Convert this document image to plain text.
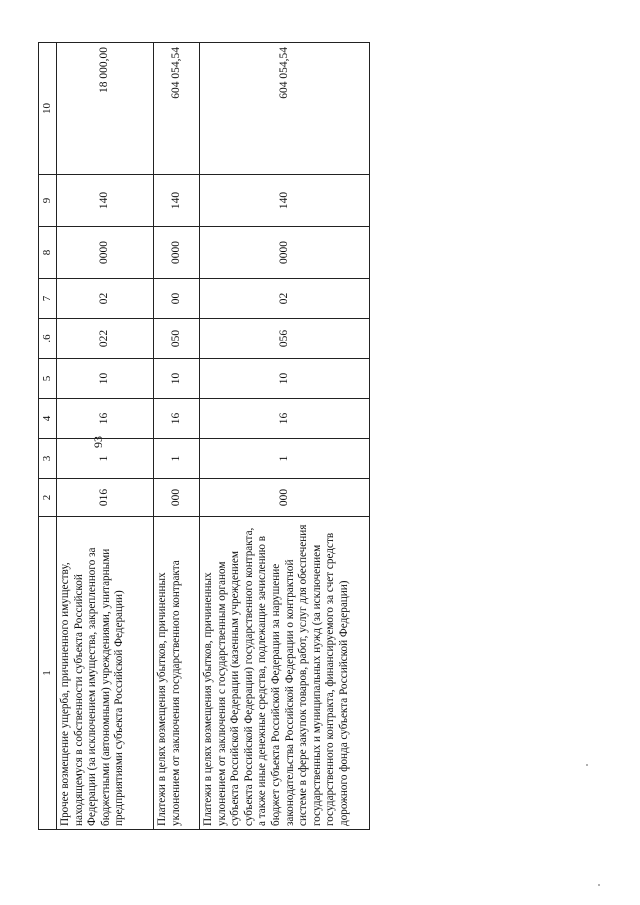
93
1	2	3	4	5	.6	7	8	9	10
Прочее возмещение ущерба, причиненного имуществу, находящемуся в собственности субъекта Российской Федерации (за исключением имущества, закрепленного за бюджетными (автономными) учреждениями, унитарными предприятиями субъекта Российской Федерации)	016	1	16	10	022	02	0000	140	18 000,00
Платежи в целях возмещения убытков, причиненных уклонением от заключения государственного контракта	000	1	16	10	050	00	0000	140	604 054,54
Платежи в целях возмещения убытков, причиненных уклонением от заключения с государственным органом субъекта Российской Федерации (казенным учреждением субъекта Российской Федерации) государственного контракта, а также иные денежные средства, подлежащие зачислению в бюджет субъекта Российской Федерации за нарушение законодательства Российской Федерации о контрактной системе в сфере закупок товаров, работ, услуг для обеспечения государственных и муниципальных нужд (за исключением государственного контракта, финансируемого за счет средств дорожного фонда субъекта Российской Федерации)	000	1	16	10	056	02	0000	140	604 054,54
